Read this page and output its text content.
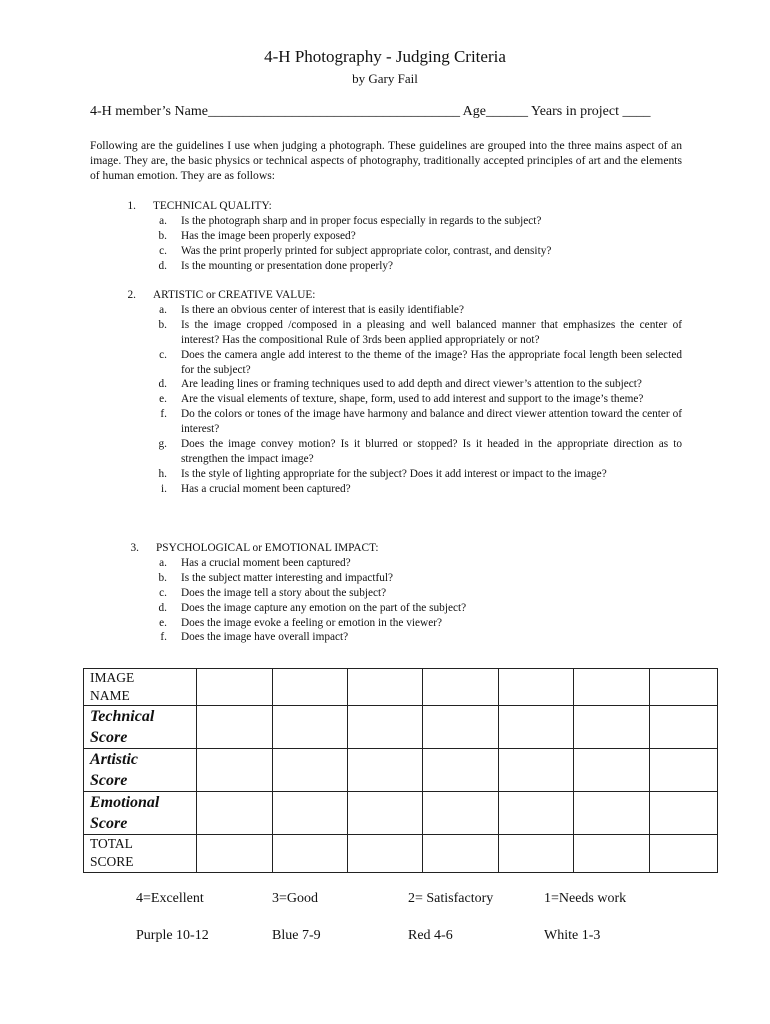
4-H Photography - Judging Criteria
by Gary Fail
4-H member’s Name____________________________________ Age______ Years in project ____
Following are the guidelines I use when judging a photograph. These guidelines are grouped into the three mains aspect of an image. They are, the basic physics or technical aspects of photography, traditionally accepted principles of art and the elements of human emotion. They are as follows:
1. TECHNICAL QUALITY:
a.	Is the photograph sharp and in proper focus especially in regards to the subject?
b.	Has the image been properly exposed?
c.	Was the print properly printed for subject appropriate color, contrast, and density?
d.	Is the mounting or presentation done properly?
2. ARTISTIC or CREATIVE VALUE:
a.	Is there an obvious center of interest that is easily identifiable?
b.	Is the image cropped /composed in a pleasing and well balanced manner that emphasizes the center of interest? Has the compositional Rule of 3rds been applied appropriately or not?
c.	Does the camera angle add interest to the theme of the image? Has the appropriate focal length been selected for the subject?
d.	Are leading lines or framing techniques used to add depth and direct viewer’s attention to the subject?
e.	Are the visual elements of texture, shape, form, used to add interest and support to the image’s theme?
f.	Do the colors or tones of the image have harmony and balance and direct viewer attention toward the center of interest?
g.	Does the image convey motion? Is it blurred or stopped? Is it headed in the appropriate direction as to strengthen the impact image?
h.	Is the style of lighting appropriate for the subject? Does it add interest or impact to the image?
i.	Has a crucial moment been captured?
3. PSYCHOLOGICAL or EMOTIONAL IMPACT:
a.	Has a crucial moment been captured?
b.	Is the subject matter interesting and impactful?
c.	Does the image tell a story about the subject?
d.	Does the image capture any emotion on the part of the subject?
e.	Does the image evoke a feeling or emotion in the viewer?
f.	Does the image have overall impact?
IMAGE
NAME							

Technical
Score							

Artistic
Score							

Emotional
Score							

TOTAL
SCORE							

4=Excellent	3=Good	2= Satisfactory	1=Needs work
Purple 10-12	Blue 7-9	Red 4-6	White 1-3
